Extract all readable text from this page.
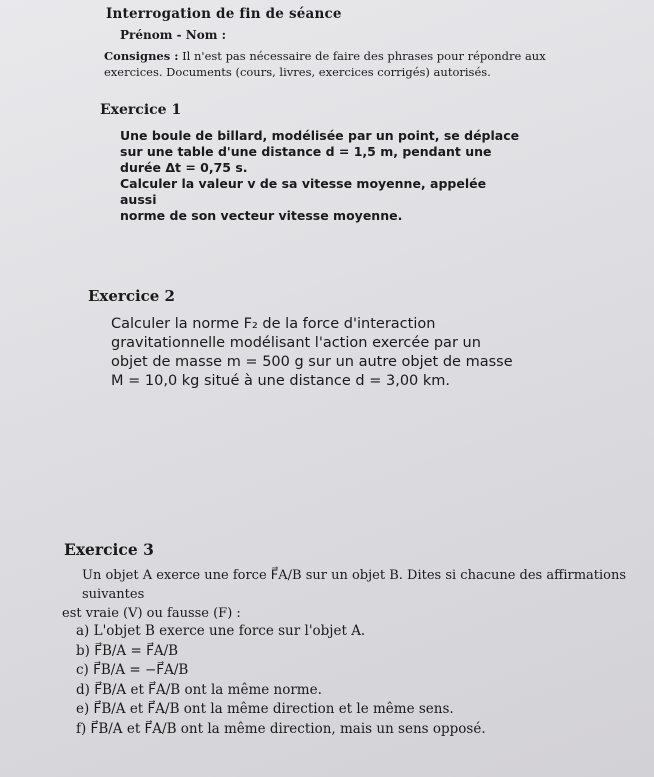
Interrogation de fin de séance
Prénom - Nom :
Consignes : Il n'est pas nécessaire de faire des phrases pour répondre aux exercices. Documents (cours, livres, exercices corrigés) autorisés.
Exercice 1
Une boule de billard, modélisée par un point, se déplace
sur une table d'une distance d = 1,5 m, pendant une
durée Δt = 0,75 s.
Calculer la valeur v de sa vitesse moyenne, appelée aussi
norme de son vecteur vitesse moyenne.
Exercice 2
Calculer la norme F₂ de la force d'interaction
gravitationnelle modélisant l'action exercée par un
objet de masse m = 500 g sur un autre objet de masse
M = 10,0 kg situé à une distance d = 3,00 km.
Exercice 3
Un objet A exerce une force F⃗A/B sur un objet B. Dites si chacune des affirmations suivantes
est vraie (V) ou fausse (F) :
a) L'objet B exerce une force sur l'objet A.
b) F⃗B/A = F⃗A/B
c) F⃗B/A = −F⃗A/B
d) F⃗B/A et F⃗A/B ont la même norme.
e) F⃗B/A et F⃗A/B ont la même direction et le même sens.
f) F⃗B/A et F⃗A/B ont la même direction, mais un sens opposé.
